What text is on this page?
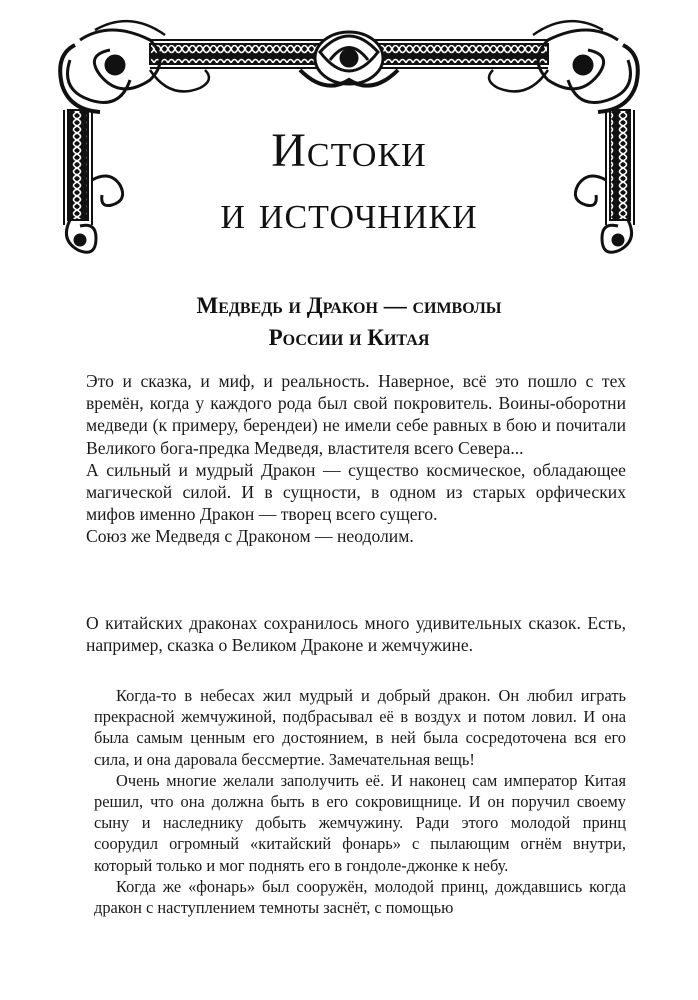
Истоки
и источники
Медведь и Дракон — символы
России и Китая

Это и сказка, и миф, и реальность. Наверное, всё это пошло с тех времён, когда у каждого рода был свой покровитель. Воины-оборотни медведи (к примеру, берендеи) не имели себе равных в бою и почитали Великого бога-предка Медведя, властителя всего Севера...

А сильный и мудрый Дракон — существо космическое, обладающее магической силой. И в сущности, в одном из старых орфических мифов именно Дракон — творец всего сущего.

Союз же Медведя с Драконом — неодолим.

О китайских драконах сохранилось много удивительных сказок. Есть, например, сказка о Великом Драконе и жемчужине.

Когда-то в небесах жил мудрый и добрый дракон. Он любил играть прекрасной жемчужиной, подбрасывал её в воздух и потом ловил. И она была самым ценным его достоянием, в ней была сосредоточена вся его сила, и она даровала бессмертие. Замечательная вещь!

Очень многие желали заполучить её. И наконец сам император Китая решил, что она должна быть в его сокровищнице. И он поручил своему сыну и наследнику добыть жемчужину. Ради этого молодой принц соорудил огромный «китайский фонарь» с пылающим огнём внутри, который только и мог поднять его в гондоле-джонке к небу.

Когда же «фонарь» был сооружён, молодой принц, дождавшись когда дракон с наступлением темноты заснёт, с помощью
